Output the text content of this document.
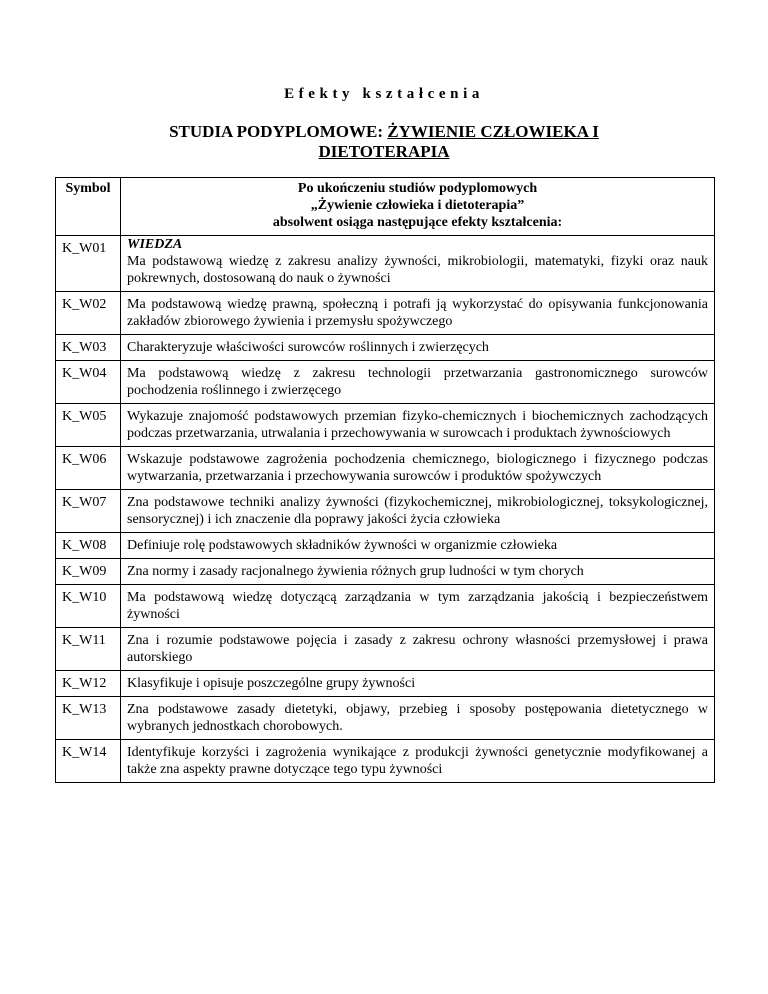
Efekty kształcenia
STUDIA PODYPLOMOWE: ŻYWIENIE CZŁOWIEKA I
DIETOTERAPIA
Symbol	Po ukończeniu studiów podyplomowych
„Żywienie człowieka i dietoterapia”
absolwent osiąga następujące efekty kształcenia:

K_W01	WIEDZA
Ma podstawową wiedzę z zakresu analizy żywności, mikrobiologii, matematyki, fizyki oraz nauk pokrewnych, dostosowaną do nauk o żywności
K_W02	Ma podstawową wiedzę prawną, społeczną i potrafi ją wykorzystać do opisywania funkcjonowania zakładów zbiorowego żywienia i przemysłu spożywczego
K_W03	Charakteryzuje właściwości surowców roślinnych i zwierzęcych
K_W04	Ma podstawową wiedzę z zakresu technologii przetwarzania gastronomicznego surowców pochodzenia roślinnego i zwierzęcego
K_W05	Wykazuje znajomość podstawowych przemian fizyko-chemicznych i biochemicznych zachodzących podczas przetwarzania, utrwalania i przechowywania w surowcach i produktach żywnościowych
K_W06	Wskazuje podstawowe zagrożenia pochodzenia chemicznego, biologicznego i fizycznego podczas wytwarzania, przetwarzania i przechowywania surowców i produktów spożywczych
K_W07	Zna podstawowe techniki analizy żywności (fizykochemicznej, mikrobiologicznej, toksykologicznej, sensorycznej) i ich znaczenie dla poprawy jakości życia człowieka
K_W08	Definiuje rolę podstawowych składników żywności w organizmie człowieka
K_W09	Zna normy i zasady racjonalnego żywienia różnych grup ludności w tym chorych
K_W10	Ma podstawową wiedzę dotyczącą zarządzania w tym zarządzania jakością i bezpieczeństwem żywności
K_W11	Zna i rozumie podstawowe pojęcia i zasady z zakresu ochrony własności przemysłowej i prawa autorskiego
K_W12	Klasyfikuje i opisuje poszczególne grupy żywności
K_W13	Zna podstawowe zasady dietetyki, objawy, przebieg i sposoby postępowania dietetycznego w wybranych jednostkach chorobowych.
K_W14	Identyfikuje korzyści i zagrożenia wynikające z produkcji żywności genetycznie modyfikowanej a także zna aspekty prawne dotyczące tego typu żywności
